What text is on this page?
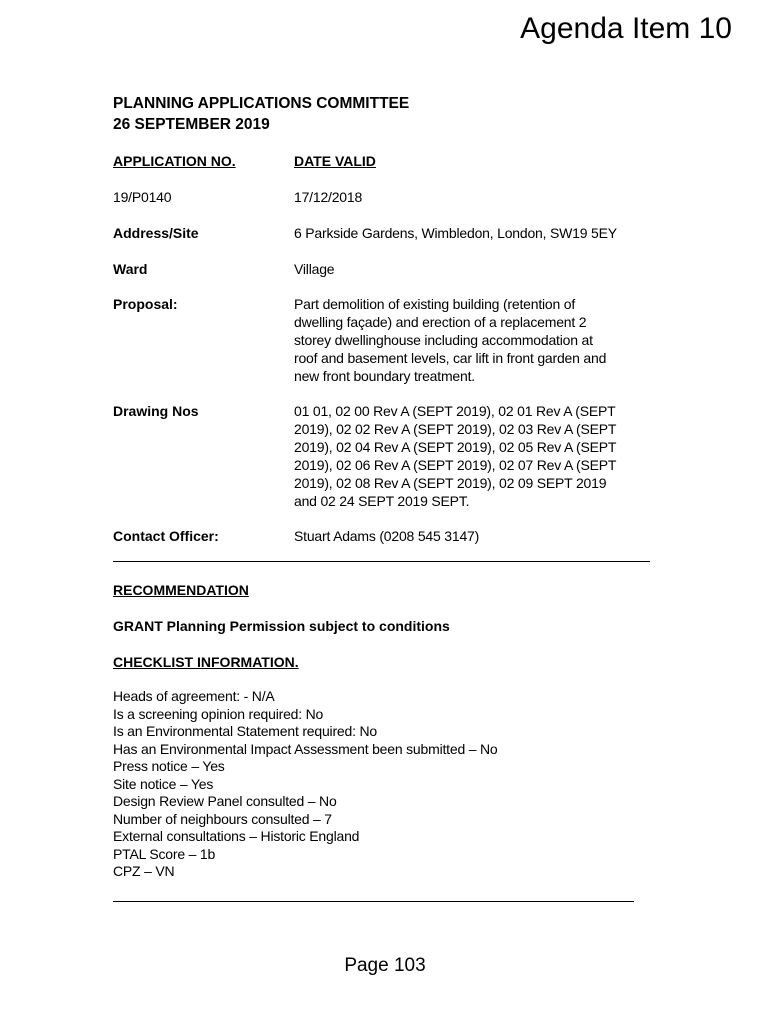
Agenda Item 10
PLANNING APPLICATIONS COMMITTEE
26 SEPTEMBER 2019
APPLICATION NO.	DATE VALID
19/P0140	17/12/2018
Address/Site	6 Parkside Gardens, Wimbledon, London, SW19 5EY
Ward	Village
Proposal:	Part demolition of existing building (retention of
dwelling façade) and erection of a replacement 2
storey dwellinghouse including accommodation at
roof and basement levels, car lift in front garden and
new front boundary treatment.
Drawing Nos	01 01, 02 00 Rev A (SEPT 2019), 02 01 Rev A (SEPT
2019), 02 02 Rev A (SEPT 2019), 02 03 Rev A (SEPT
2019), 02 04 Rev A (SEPT 2019), 02 05 Rev A (SEPT
2019), 02 06 Rev A (SEPT 2019), 02 07 Rev A (SEPT
2019), 02 08 Rev A (SEPT 2019), 02 09 SEPT 2019
and 02 24 SEPT 2019 SEPT.
Contact Officer:	Stuart Adams (0208 545 3147)
RECOMMENDATION
GRANT Planning Permission subject to conditions
CHECKLIST INFORMATION.
Heads of agreement: - N/A
Is a screening opinion required: No
Is an Environmental Statement required: No
Has an Environmental Impact Assessment been submitted – No
Press notice – Yes
Site notice – Yes
Design Review Panel consulted – No
Number of neighbours consulted – 7
External consultations – Historic England
PTAL Score – 1b
CPZ – VN
Page 103
